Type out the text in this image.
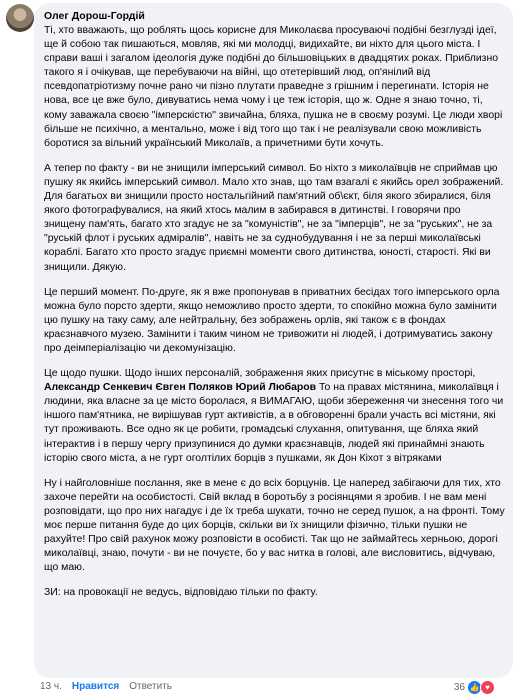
Олег Дорош-Гордій

Ті, хто вважають, що роблять щось корисне для Миколаєва просуваючі подібні безглузді ідеї, ще й собою так пишаються, мовляв, які ми молодці, видихайте, ви ніхто для цього міста. І справи ваші і загалом ідеологія дуже подібні до більшовіцьких в двадцятих роках. Приблизно такого я і очікував, ще перебуваючи на війні, що отетерівший люд, оп'янілий від псевдопатріотизму почне рано чи пізно плутати праведне з грішним і перегинати. Історія не нова, все це вже було, дивуватись нема чому і це теж історія, що ж. Одне я знаю точно, ті, кому заважала своєю "імперскістю" звичайна, бляха, пушка не в своєму розумі. Це люди хворі більше не психічно, а ментально, може і від того що так і не реалізували свою можливість боротися за вільний український Миколаїв, а причетними бути хочуть.

А тепер по факту - ви не знищили імперський символ. Бо ніхто з миколаївців не сприймав цю пушку як якийсь імперський символ. Мало хто знав, що там взагалі є якийсь орел зображений. Для багатьох ви знищили просто ностальгійний пам'ятний об\єкт, біля якого збиралися, біля якого фотографувалися, на який хтось малим в забирався в дитинстві. І говорячи про знищену пам'ять, багато хто згадує не за "комуністів", не за "імперців", не за "руських", не за "руській флот і руських адміралів", навіть не за суднобудування і не за перші миколаївські кораблі. Багато хто просто згадує приємні моменти свого дитинства, юності, старості. Які ви знищили. Дякую.

Це перший момент. По-друге, як я вже пропонував в приватних бесідах того імперського орла можна було порсто здерти, якщо неможливо просто здерти, то спокійно можна було замінити цю пушку на таку саму, але нейтральну, без зображень орлів, які також є в фондах краєзнавчого музею. Замінити і таким чином не тривожити ні людей, і дотримуватись закону про деімперіалізацію чи декомунізацію.

Це щодо пушки. Щодо інших персоналій, зображення яких присутнє в міському просторі, Александр Сенкевич Євген Поляков Юрий Любаров То на правах містянина, миколаївця і людини, яка власне за це місто боролася, я ВИМАГАЮ, щоби збереження чи знесення того чи іншого пам'ятника, не вирішував гурт активістів, а в обговоренні брали участь всі містяни, які тут проживають. Все одно як це робити, громадські слухання, опитування, ще бляха який інтерактив і в першу чергу призупинися до думки краєзнавців, людей які принаймні знають історію свого міста, а не гурт оголтілих борців з пушками, як Дон Кіхот з вітряками

Ну і найголовніше послання, яке в мене є до всіх борцунів. Це наперед забігаючи для тих, хто захоче перейти на особистості. Свій вклад в боротьбу з росіянцями я зробив. І не вам мені розповідати, що про них нагадує і де їх треба шукати, точно не серед пушок, а на фронті. Тому моє перше питання буде до цих борців, скільки ви їх знищили фізично, тільки пушки не рахуйте! Про свій рахунок можу розповісти в особисті. Так що не займайтесь херньою, дорогі миколаївці, знаю, почути - ви не почуєте, бо у вас нитка в голові, але висловитись, відчуваю, що маю.

ЗИ: на провокації не ведусь, відповідаю тільки по факту.

13 ч. Нравится Ответить	36 👍 ♥
